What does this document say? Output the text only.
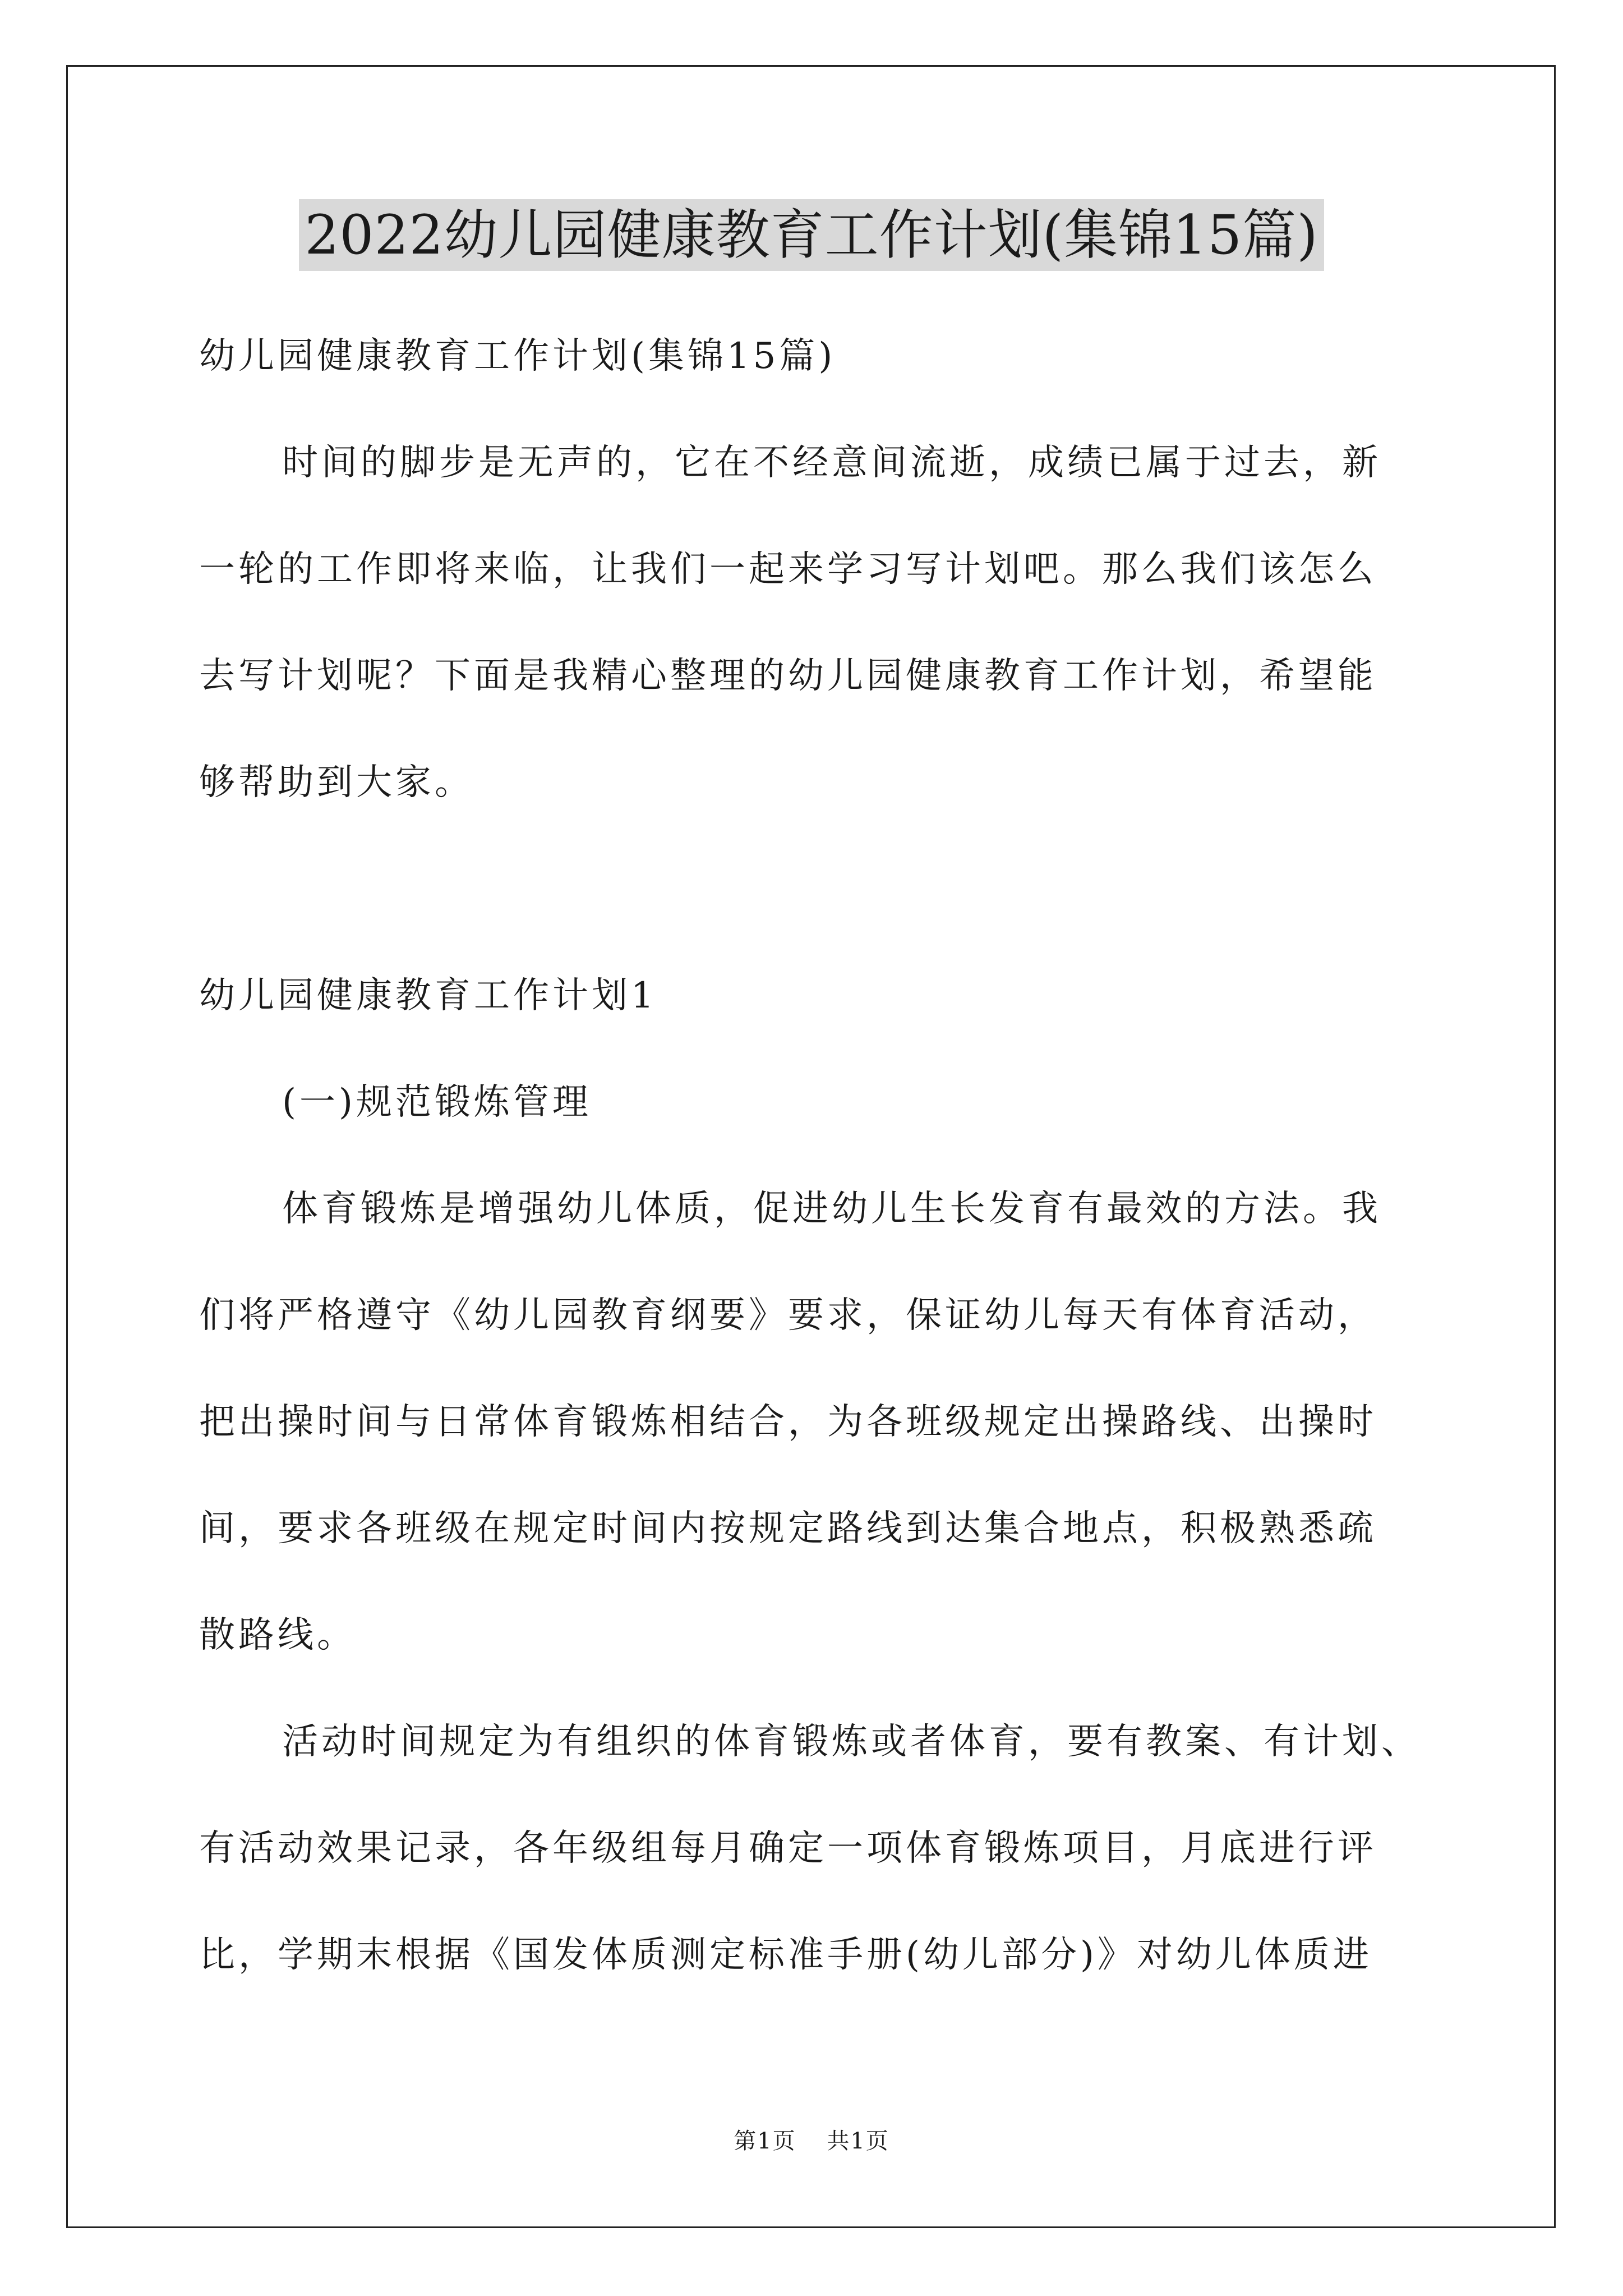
2022幼儿园健康教育工作计划(集锦15篇)
幼儿园健康教育工作计划(集锦15篇)
时间的脚步是无声的，它在不经意间流逝，成绩已属于过去，新
一轮的工作即将来临，让我们一起来学习写计划吧。那么我们该怎么
去写计划呢？下面是我精心整理的幼儿园健康教育工作计划，希望能
够帮助到大家。
幼儿园健康教育工作计划1
(一)规范锻炼管理
体育锻炼是增强幼儿体质，促进幼儿生长发育有最效的方法。我
们将严格遵守《幼儿园教育纲要》要求，保证幼儿每天有体育活动，
把出操时间与日常体育锻炼相结合，为各班级规定出操路线、出操时
间，要求各班级在规定时间内按规定路线到达集合地点，积极熟悉疏
散路线。
活动时间规定为有组织的体育锻炼或者体育，要有教案、有计划、
有活动效果记录，各年级组每月确定一项体育锻炼项目，月底进行评
比，学期末根据《国发体质测定标准手册(幼儿部分)》对幼儿体质进
第1页 共1页
